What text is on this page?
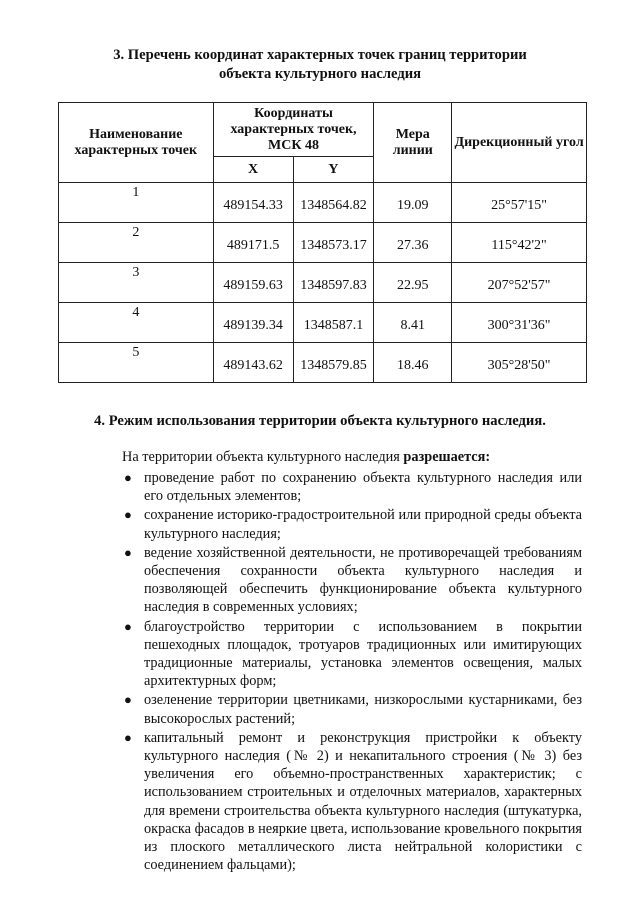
3. Перечень координат характерных точек границ территории
объекта культурного наследия
Наименование характерных точек	Координаты характерных точек, МСК 48		Мера линии	Дирекционный угол
	X	Y		
1	489154.33	1348564.82	19.09	25°57'15"
2	489171.5	1348573.17	27.36	115°42'2"
3	489159.63	1348597.83	22.95	207°52'57"
4	489139.34	1348587.1	8.41	300°31'36"
5	489143.62	1348579.85	18.46	305°28'50"
4. Режим использования территории объекта культурного наследия.

На территории объекта культурного наследия разрешается:

● проведение работ по сохранению объекта культурного наследия или его отдельных элементов;
● сохранение историко-градостроительной или природной среды объекта культурного наследия;
● ведение хозяйственной деятельности, не противоречащей требованиям обеспечения сохранности объекта культурного наследия и позволяющей обеспечить функционирование объекта культурного наследия в современных условиях;
● благоустройство территории с использованием в покрытии пешеходных площадок, тротуаров традиционных или имитирующих традиционные материалы, установка элементов освещения, малых архитектурных форм;
● озеленение территории цветниками, низкорослыми кустарниками, без высокорослых растений;
● капитальный ремонт и реконструкция пристройки к объекту культурного наследия (№ 2) и некапитального строения (№ 3) без увеличения его объемно-пространственных характеристик; с использованием строительных и отделочных материалов, характерных для времени строительства объекта культурного наследия (штукатурка, окраска фасадов в неяркие цвета, использование кровельного покрытия из плоского металлического листа нейтральной колористики с соединением фальцами);
